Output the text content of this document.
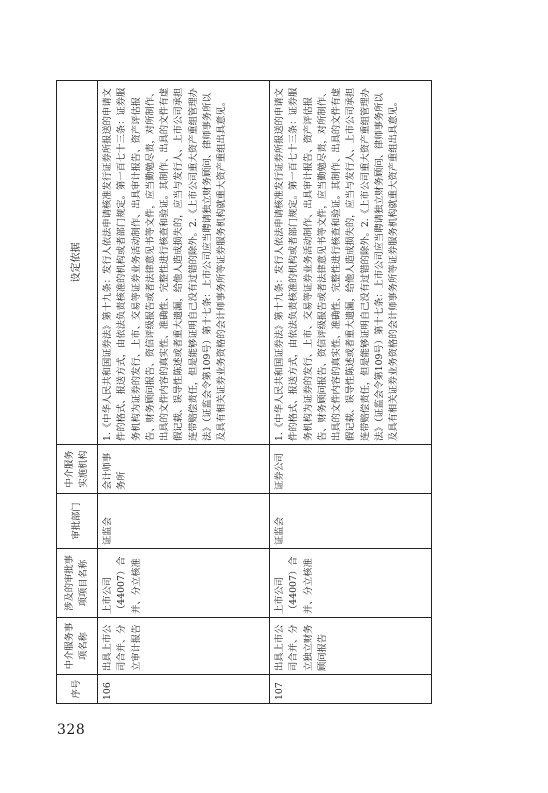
序号	中介服务事项名称	涉及的审批事项项目名称	审批部门	中介服务实施机构	设定依据
106	出具上市公司合并、分立审计报告	上市公司（44007）合并、分立核准	证监会	会计师事务所	1.《中华人民共和国证券法》第十九条：发行人依法申请核准发行证券所报送的申请文件的格式、报送方式，由依法负责核准的机构或者部门规定。第一百七十三条：证券服务机构为证券的发行、上市、交易等证券业务活动制作、出具审计报告、资产评估报告、财务顾问报告、资信评级报告或者法律意见书等文件，应当勤勉尽责，对所制作、出具的文件内容的真实性、准确性、完整性进行核查和验证。其制作、出具的文件有虚假记载、误导性陈述或者重大遗漏，给他人造成损失的，应当与发行人、上市公司承担连带赔偿责任，但是能够证明自己没有过错的除外。2.《上市公司重大资产重组管理办法》（证监会令第109号）第十七条：上市公司应当聘请独立财务顾问、律师事务所以及具有相关证券业务资格的会计师事务所等证券服务机构就重大资产重组出具意见。
107	出具上市公司合并、分立独立财务顾问报告	上市公司（44007）合并、分立核准	证监会	证券公司	1.《中华人民共和国证券法》第十九条：发行人依法申请核准发行证券所报送的申请文件的格式、报送方式，由依法负责核准的机构或者部门规定。第一百七十三条：证券服务机构为证券的发行、上市、交易等证券业务活动制作、出具审计报告、资产评估报告、财务顾问报告、资信评级报告或者法律意见书等文件，应当勤勉尽责，对所制作、出具的文件内容的真实性、准确性、完整性进行核查和验证。其制作、出具的文件有虚假记载、误导性陈述或者重大遗漏，给他人造成损失的，应当与发行人、上市公司承担连带赔偿责任，但是能够证明自己没有过错的除外。2.《上市公司重大资产重组管理办法》（证监会令第109号）第十七条：上市公司应当聘请独立财务顾问、律师事务所以及具有相关证券业务资格的会计师事务所等证券服务机构就重大资产重组出具意见。
328
